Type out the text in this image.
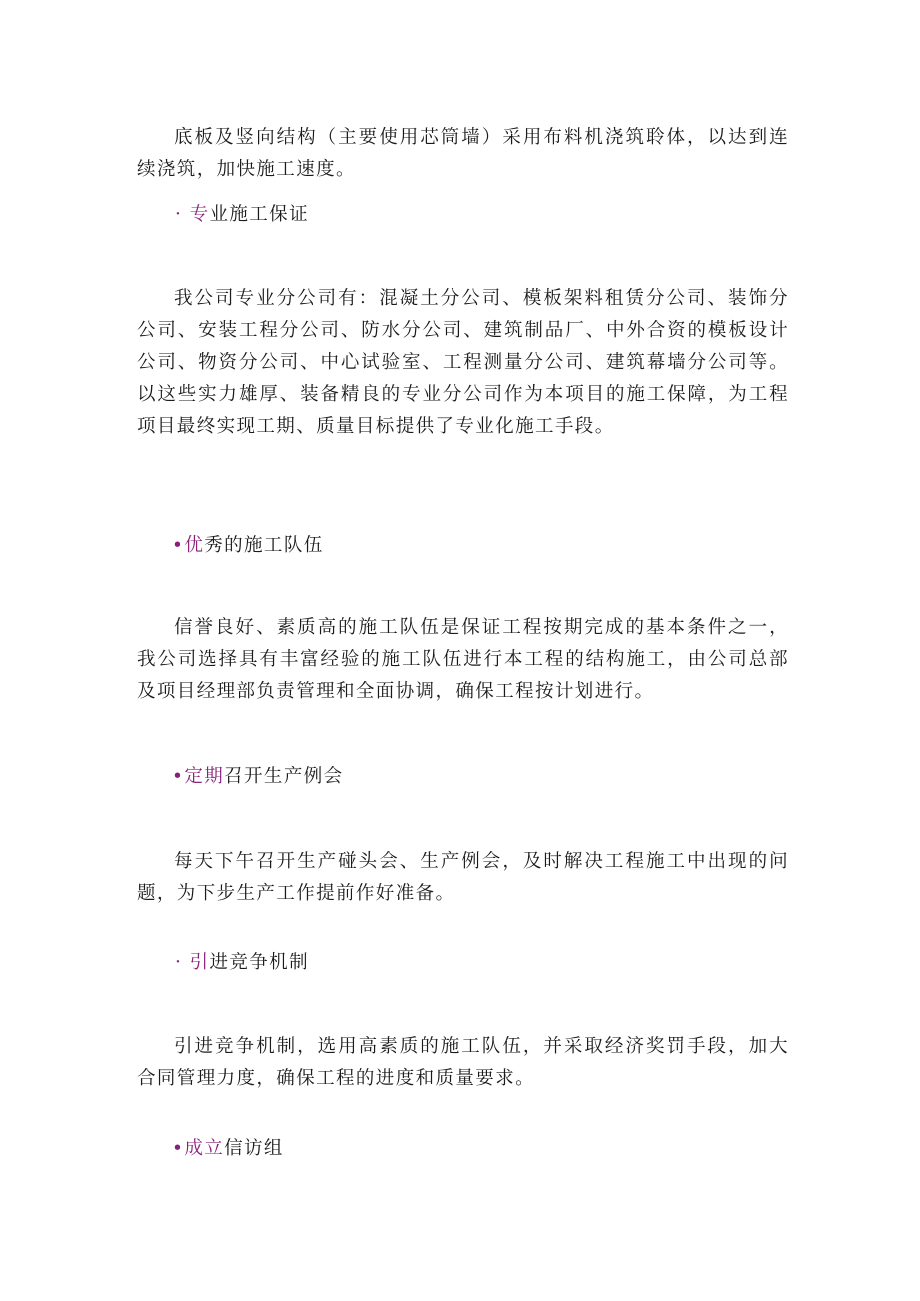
底板及竖向结构（主要使用芯筒墙）采用布料机浇筑聆体，以达到连续浇筑，加快施工速度。

· 专业施工保证

我公司专业分公司有：混凝土分公司、模板架料租赁分公司、装饰分公司、安装工程分公司、防水分公司、建筑制品厂、中外合资的模板设计公司、物资分公司、中心试验室、工程测量分公司、建筑幕墙分公司等。以这些实力雄厚、装备精良的专业分公司作为本项目的施工保障，为工程项目最终实现工期、质量目标提供了专业化施工手段。

•优秀的施工队伍

信誉良好、素质高的施工队伍是保证工程按期完成的基本条件之一，我公司选择具有丰富经验的施工队伍进行本工程的结构施工，由公司总部及项目经理部负责管理和全面协调，确保工程按计划进行。

•定期召开生产例会

每天下午召开生产碰头会、生产例会，及时解决工程施工中出现的问题，为下步生产工作提前作好准备。

· 引进竞争机制

引进竞争机制，选用高素质的施工队伍，并采取经济奖罚手段，加大合同管理力度，确保工程的进度和质量要求。

•成立信访组
